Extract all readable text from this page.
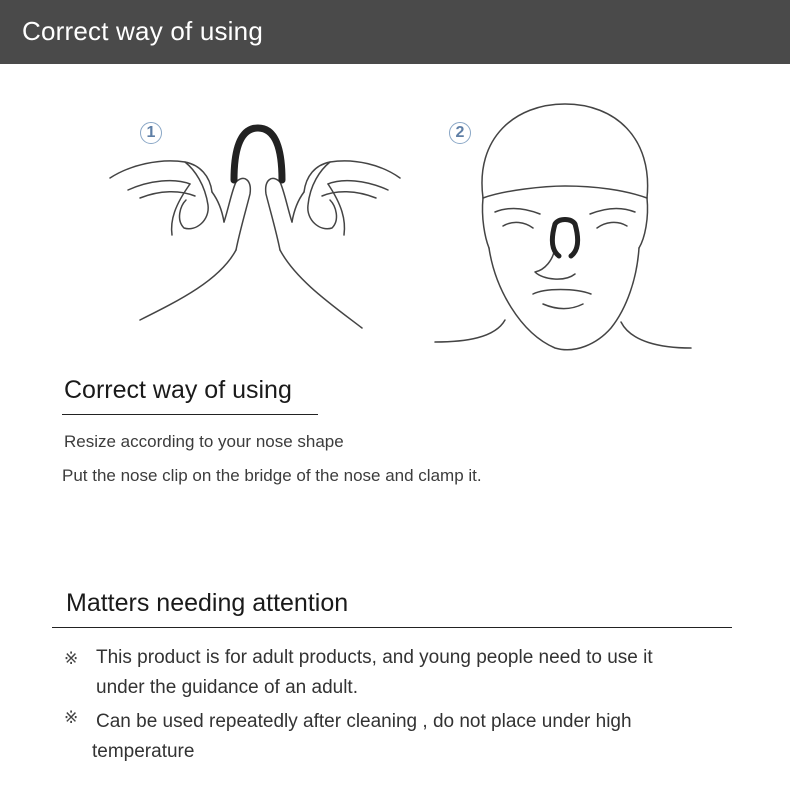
Correct way of using
1	2
Correct way of using
Resize according to your nose shape
Put the nose clip on the bridge of the nose and clamp it.
Matters needing attention
※ This product is for adult products, and young people need to use it
under the guidance of an adult.
※ Can be used repeatedly after cleaning , do not place under high
temperature
